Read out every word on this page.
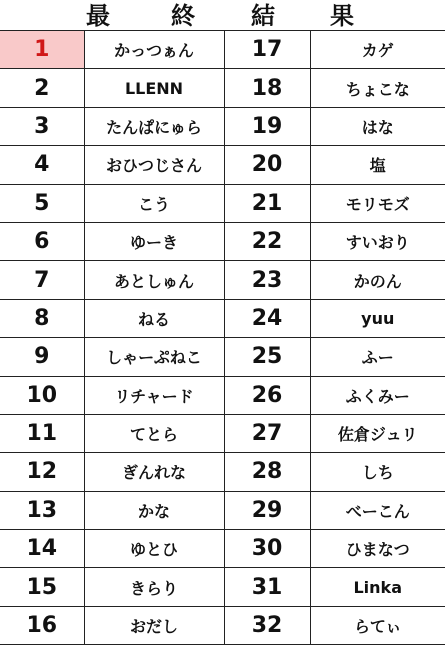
最	終 結 果
1	かっつぁん	17	カゲ
2	LLENN	18	ちょこな
3	たんぱにゅら	19	はな
4	おひつじさん	20	塩
5	こう	21	モリモズ
6	ゆーき	22	すいおり
7	あとしゅん	23	かのん
8	ねる	24	yuu
9	しゃーぷねこ	25	ふー
10	リチャード	26	ふくみー
11	てとら	27	佐倉ジュリ
12	ぎんれな	28	しち
13	かな	29	べーこん
14	ゆとひ	30	ひまなつ
15	きらり	31	Linka
16	おだし	32	らてぃ
